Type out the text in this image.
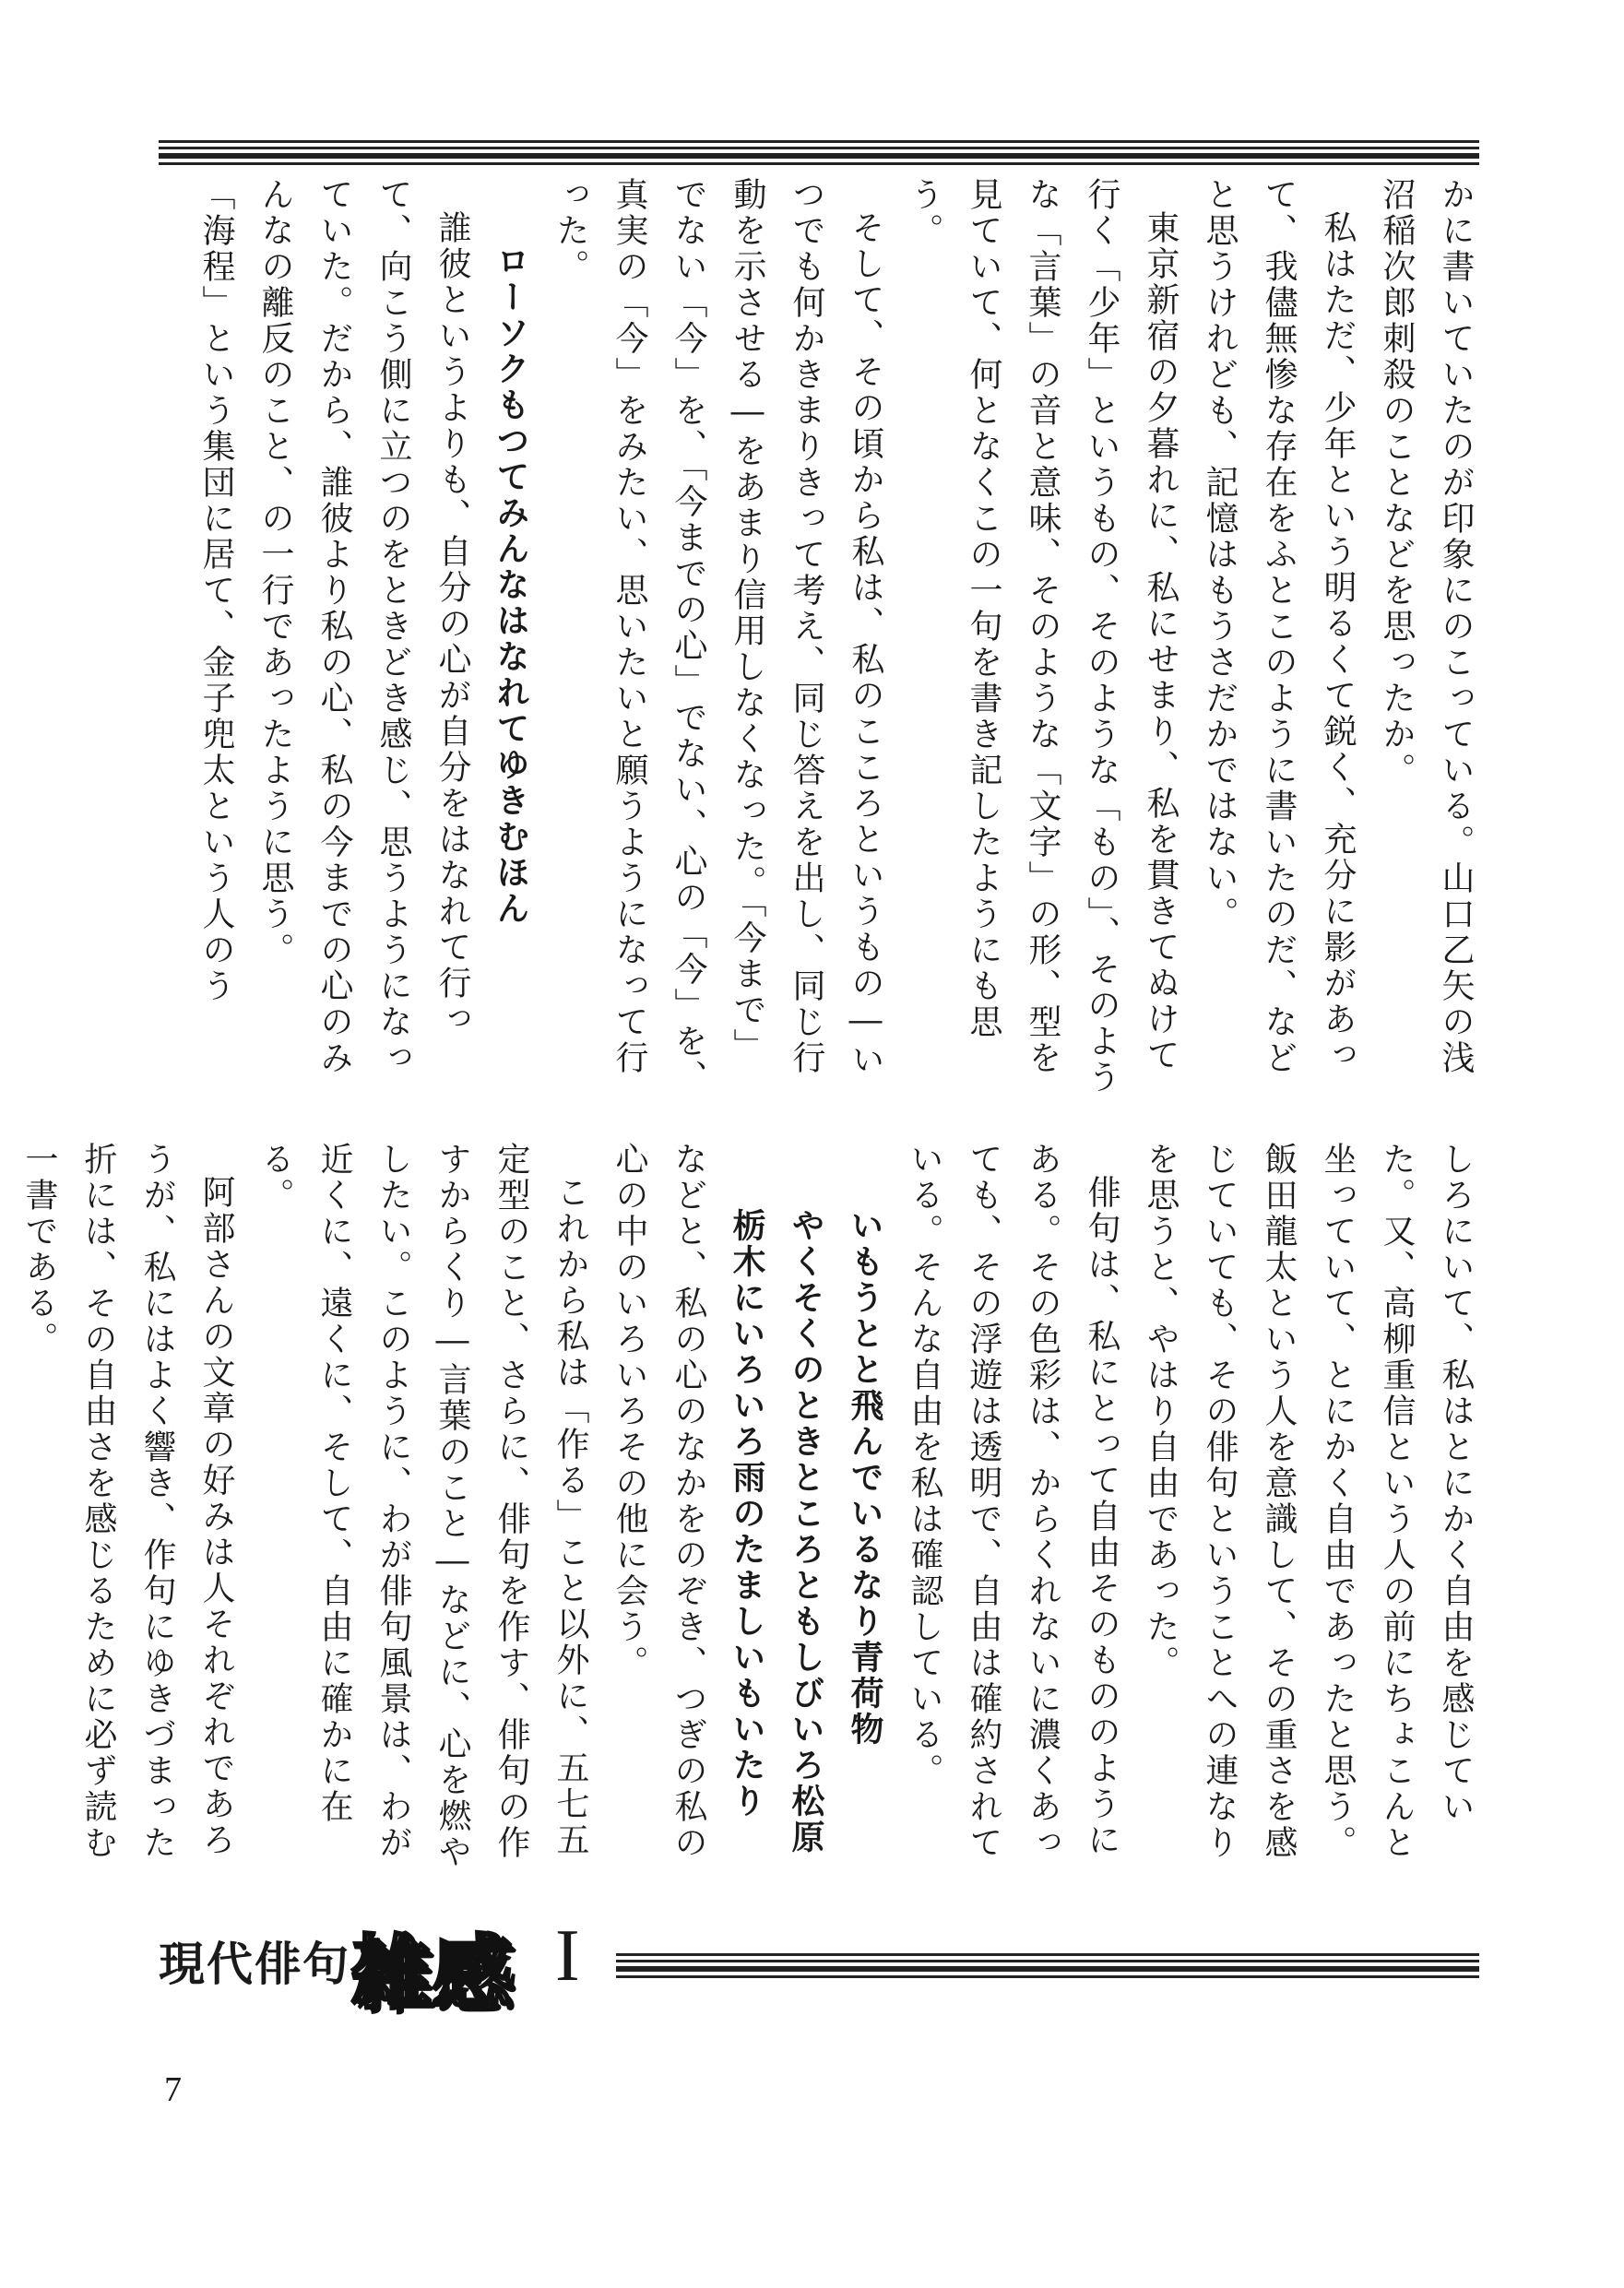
かに書いていたのが印象にのこっている。山口乙矢の浅沼稲次郎刺殺のことなどを思ったか。

私はただ、少年という明るくて鋭く、充分に影があって、我儘無惨な存在をふとこのように書いたのだ、などと思うけれども、記憶はもうさだかではない。

東京新宿の夕暮れに、私にせまり、私を貫きてぬけて行く「少年」というもの、そのような「もの」、そのような「言葉」の音と意味、そのような「文字」の形、型を見ていて、何となくこの一句を書き記したようにも思う。

そして、その頃から私は、私のこころというもの―いつでも何かきまりきって考え、同じ答えを出し、同じ行動を示させる―をあまり信用しなくなった。「今まで」でない「今」を、「今までの心」でない、心の「今」を、真実の「今」をみたい、思いたいと願うようになって行った。

ローソクもつてみんなはなれてゆきむほん

誰彼というよりも、自分の心が自分をはなれて行って、向こう側に立つのをときどき感じ、思うようになっていた。だから、誰彼より私の心、私の今までの心のみんなの離反のこと、の一行であったように思う。

「海程」という集団に居て、金子兜太という人のう

しろにいて、私はとにかく自由を感じていた。又、高柳重信という人の前にちょこんと坐っていて、とにかく自由であったと思う。飯田龍太という人を意識して、その重さを感じていても、その俳句ということへの連なりを思うと、やはり自由であった。

俳句は、私にとって自由そのもののようにある。その色彩は、からくれないに濃くあっても、その浮遊は透明で、自由は確約されている。そんな自由を私は確認している。

いもうとと飛んでいるなり青荷物

やくそくのときところともしびいろ松原

栃木にいろいろ雨のたましいもいたり

などと、私の心のなかをのぞき、つぎの私の心の中のいろいろその他に会う。

これから私は「作る」こと以外に、五七五定型のこと、さらに、俳句を作す、俳句の作すからくり―言葉のこと―などに、心を燃やしたい。このように、わが俳句風景は、わが近くに、遠くに、そして、自由に確かに在る。

阿部さんの文章の好みは人それぞれであろうが、私にはよく響き、作句にゆきづまった折には、その自由さを感じるために必ず読む一書である。

現代俳句 雑感 I
7
